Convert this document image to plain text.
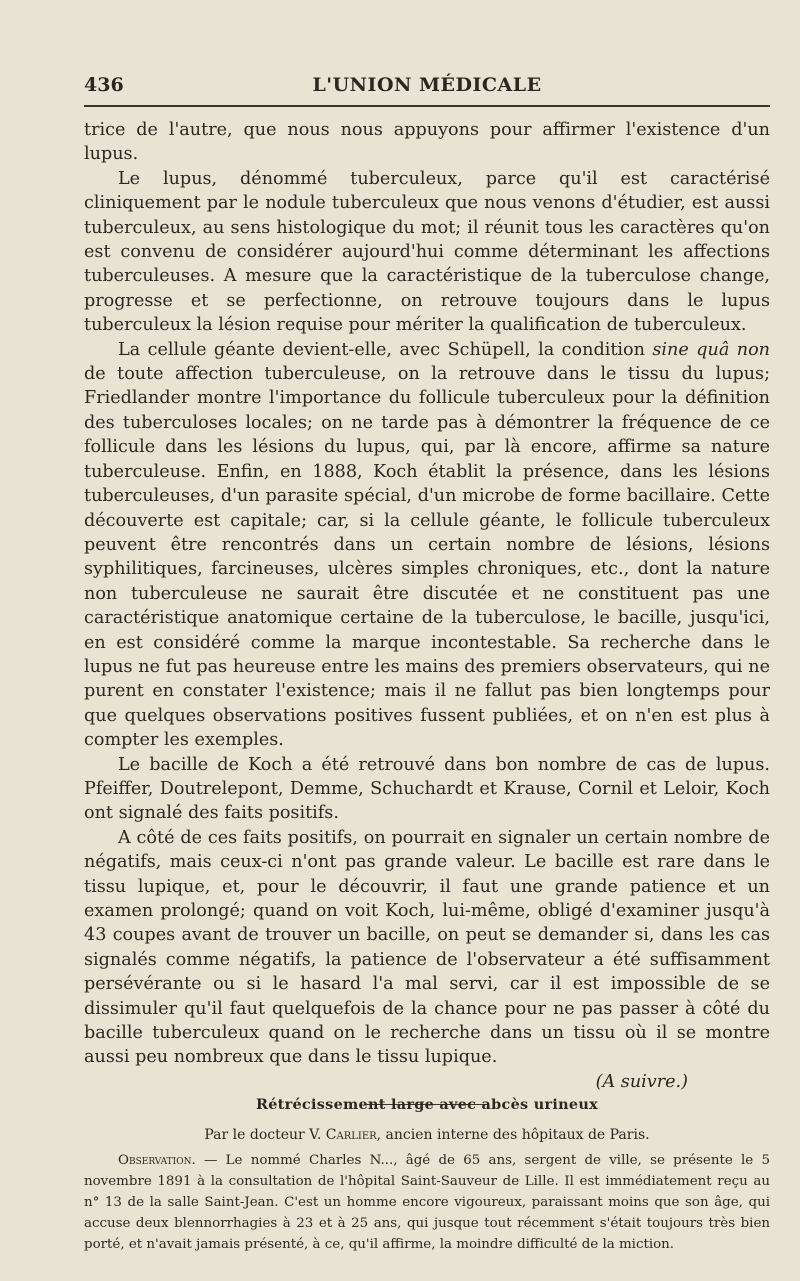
436	L'UNION MÉDICALE

trice de l'autre, que nous nous appuyons pour affirmer l'existence d'un lupus.

Le lupus, dénommé tuberculeux, parce qu'il est caractérisé cliniquement par le nodule tuberculeux que nous venons d'étudier, est aussi tuberculeux, au sens histologique du mot; il réunit tous les caractères qu'on est convenu de considérer aujourd'hui comme déterminant les affections tuberculeuses. A mesure que la caractéristique de la tuberculose change, progresse et se perfectionne, on retrouve toujours dans le lupus tuberculeux la lésion requise pour mériter la qualification de tuberculeux.

La cellule géante devient-elle, avec Schüpell, la condition sine quâ non de toute affection tuberculeuse, on la retrouve dans le tissu du lupus; Friedlander montre l'importance du follicule tuberculeux pour la définition des tuberculoses locales; on ne tarde pas à démontrer la fréquence de ce follicule dans les lésions du lupus, qui, par là encore, affirme sa nature tuberculeuse. Enfin, en 1888, Koch établit la présence, dans les lésions tuberculeuses, d'un parasite spécial, d'un microbe de forme bacillaire. Cette découverte est capitale; car, si la cellule géante, le follicule tuberculeux peuvent être rencontrés dans un certain nombre de lésions, lésions syphilitiques, farcineuses, ulcères simples chroniques, etc., dont la nature non tuberculeuse ne saurait être discutée et ne constituent pas une caractéristique anatomique certaine de la tuberculose, le bacille, jusqu'ici, en est considéré comme la marque incontestable. Sa recherche dans le lupus ne fut pas heureuse entre les mains des premiers observateurs, qui ne purent en constater l'existence; mais il ne fallut pas bien longtemps pour que quelques observations positives fussent publiées, et on n'en est plus à compter les exemples.

Le bacille de Koch a été retrouvé dans bon nombre de cas de lupus. Pfeiffer, Doutrelepont, Demme, Schuchardt et Krause, Cornil et Leloir, Koch ont signalé des faits positifs.

A côté de ces faits positifs, on pourrait en signaler un certain nombre de négatifs, mais ceux-ci n'ont pas grande valeur. Le bacille est rare dans le tissu lupique, et, pour le découvrir, il faut une grande patience et un examen prolongé; quand on voit Koch, lui-même, obligé d'examiner jusqu'à 43 coupes avant de trouver un bacille, on peut se demander si, dans les cas signalés comme négatifs, la patience de l'observateur a été suffisamment persévérante ou si le hasard l'a mal servi, car il est impossible de se dissimuler qu'il faut quelquefois de la chance pour ne pas passer à côté du bacille tuberculeux quand on le recherche dans un tissu où il se montre aussi peu nombreux que dans le tissu lupique.

(A suivre.)
Rétrécissement large avec abcès urineux
Par le docteur V. Carlier, ancien interne des hôpitaux de Paris.

Observation. — Le nommé Charles N..., âgé de 65 ans, sergent de ville, se présente le 5 novembre 1891 à la consultation de l'hôpital Saint-Sauveur de Lille. Il est immédiatement reçu au n° 13 de la salle Saint-Jean. C'est un homme encore vigoureux, paraissant moins que son âge, qui accuse deux blennorrhagies à 23 et à 25 ans, qui jusque tout récemment s'était toujours très bien porté, et n'avait jamais présenté, à ce, qu'il affirme, la moindre difficulté de la miction.
